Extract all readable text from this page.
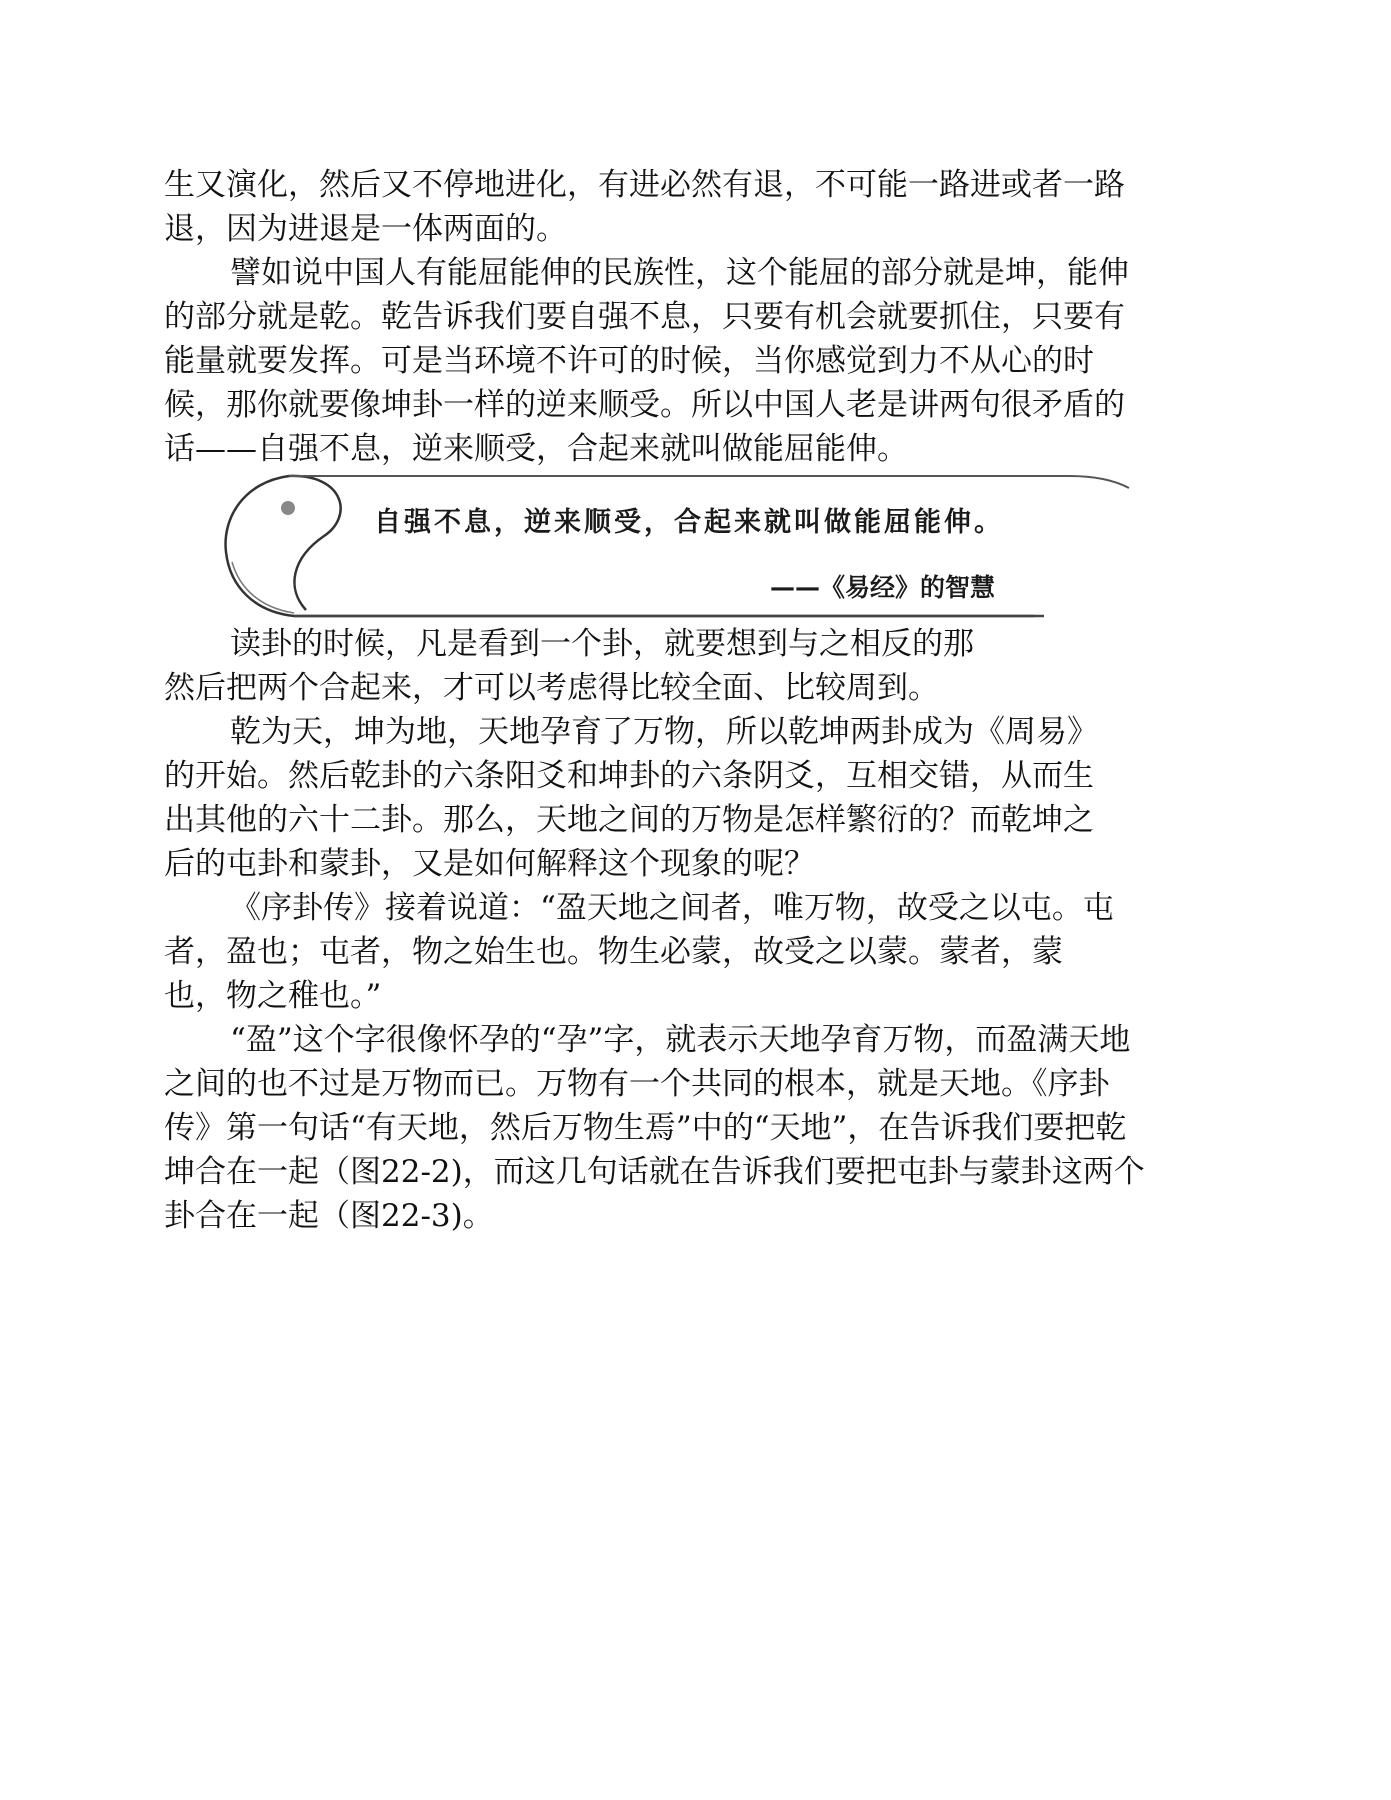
生又演化，然后又不停地进化，有进必然有退，不可能一路进或者一路
退，因为进退是一体两面的。
譬如说中国人有能屈能伸的民族性，这个能屈的部分就是坤，能伸
的部分就是乾。乾告诉我们要自强不息，只要有机会就要抓住，只要有
能量就要发挥。可是当环境不许可的时候，当你感觉到力不从心的时
候，那你就要像坤卦一样的逆来顺受。所以中国人老是讲两句很矛盾的
话——自强不息，逆来顺受，合起来就叫做能屈能伸。
自强不息，逆来顺受，合起来就叫做能屈能伸。
——《易经》的智慧
读卦的时候，凡是看到一个卦，就要想到与之相反的那
然后把两个合起来，才可以考虑得比较全面、比较周到。
乾为天，坤为地，天地孕育了万物，所以乾坤两卦成为《周易》
的开始。然后乾卦的六条阳爻和坤卦的六条阴爻，互相交错，从而生
出其他的六十二卦。那么，天地之间的万物是怎样繁衍的？而乾坤之
后的屯卦和蒙卦，又是如何解释这个现象的呢？
《序卦传》接着说道：“盈天地之间者，唯万物，故受之以屯。屯
者，盈也；屯者，物之始生也。物生必蒙，故受之以蒙。蒙者，蒙
也，物之稚也。”
“盈”这个字很像怀孕的“孕”字，就表示天地孕育万物，而盈满天地
之间的也不过是万物而已。万物有一个共同的根本，就是天地。《序卦
传》第一句话“有天地，然后万物生焉”中的“天地”，在告诉我们要把乾
坤合在一起（图22-2)，而这几句话就在告诉我们要把屯卦与蒙卦这两个
卦合在一起（图22-3)。
